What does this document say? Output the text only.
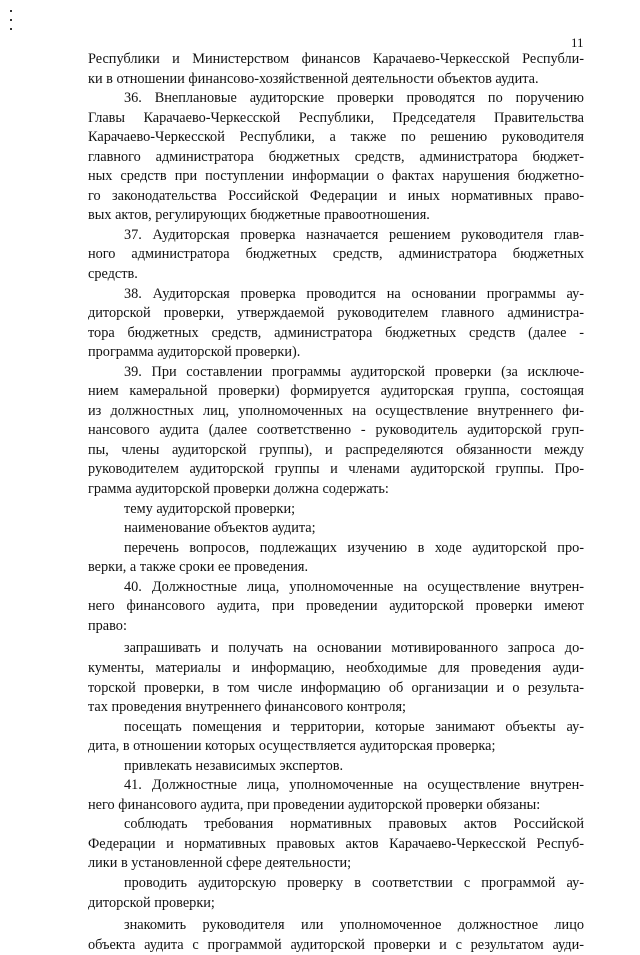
11
Республики и Министерством финансов Карачаево-Черкесской Республи-
ки в отношении финансово-хозяйственной деятельности объектов аудита.
36. Внеплановые аудиторские проверки проводятся по поручению
Главы Карачаево-Черкесской Республики, Председателя Правительства
Карачаево-Черкесской Республики, а также по решению руководителя
главного администратора бюджетных средств, администратора бюджет-
ных средств при поступлении информации о фактах нарушения бюджетно-
го законодательства Российской Федерации и иных нормативных право-
вых актов, регулирующих бюджетные правоотношения.
37. Аудиторская проверка назначается решением руководителя глав-
ного администратора бюджетных средств, администратора бюджетных
средств.
38. Аудиторская проверка проводится на основании программы ау-
диторской проверки, утверждаемой руководителем главного администра-
тора бюджетных средств, администратора бюджетных средств (далее -
программа аудиторской проверки).
39. При составлении программы аудиторской проверки (за исключе-
нием камеральной проверки) формируется аудиторская группа, состоящая
из должностных лиц, уполномоченных на осуществление внутреннего фи-
нансового аудита (далее соответственно - руководитель аудиторской груп-
пы, члены аудиторской группы), и распределяются обязанности между
руководителем аудиторской группы и членами аудиторской группы. Про-
грамма аудиторской проверки должна содержать:
тему аудиторской проверки;
наименование объектов аудита;
перечень вопросов, подлежащих изучению в ходе аудиторской про-
верки, а также сроки ее проведения.
40. Должностные лица, уполномоченные на осуществление внутрен-
него финансового аудита, при проведении аудиторской проверки имеют
право:
запрашивать и получать на основании мотивированного запроса до-
кументы, материалы и информацию, необходимые для проведения ауди-
торской проверки, в том числе информацию об организации и о результа-
тах проведения внутреннего финансового контроля;
посещать помещения и территории, которые занимают объекты ау-
дита, в отношении которых осуществляется аудиторская проверка;
привлекать независимых экспертов.
41. Должностные лица, уполномоченные на осуществление внутрен-
него финансового аудита, при проведении аудиторской проверки обязаны:
соблюдать требования нормативных правовых актов Российской
Федерации и нормативных правовых актов Карачаево-Черкесской Респуб-
лики в установленной сфере деятельности;
проводить аудиторскую проверку в соответствии с программой ау-
диторской проверки;
знакомить руководителя или уполномоченное должностное лицо
объекта аудита с программой аудиторской проверки и с результатом ауди-
